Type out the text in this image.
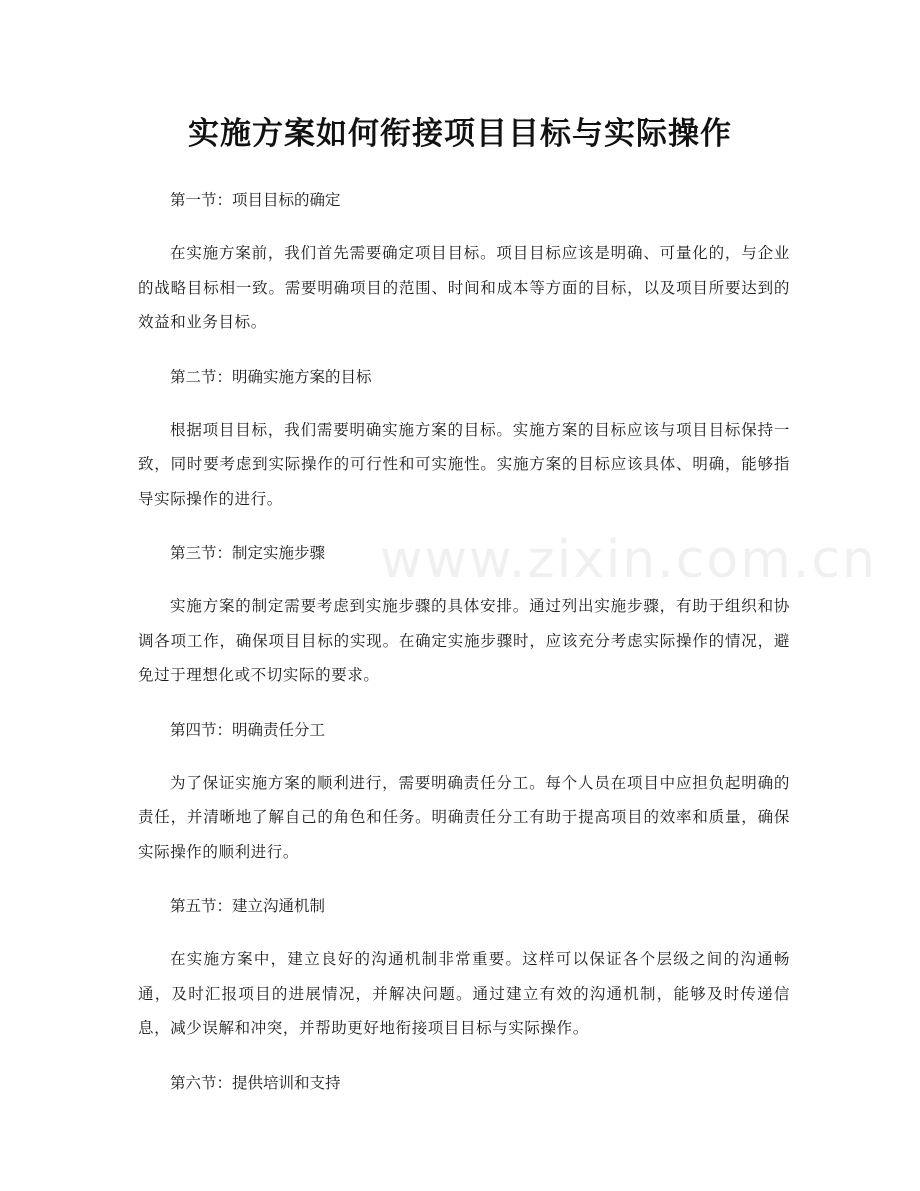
实施方案如何衔接项目目标与实际操作
www.zixin.com.cn

第一节：项目目标的确定

在实施方案前，我们首先需要确定项目目标。项目目标应该是明确、可量化的，与企业的战略目标相一致。需要明确项目的范围、时间和成本等方面的目标，以及项目所要达到的效益和业务目标。

第二节：明确实施方案的目标

根据项目目标，我们需要明确实施方案的目标。实施方案的目标应该与项目目标保持一致，同时要考虑到实际操作的可行性和可实施性。实施方案的目标应该具体、明确，能够指导实际操作的进行。

第三节：制定实施步骤

实施方案的制定需要考虑到实施步骤的具体安排。通过列出实施步骤，有助于组织和协调各项工作，确保项目目标的实现。在确定实施步骤时，应该充分考虑实际操作的情况，避免过于理想化或不切实际的要求。

第四节：明确责任分工

为了保证实施方案的顺利进行，需要明确责任分工。每个人员在项目中应担负起明确的责任，并清晰地了解自己的角色和任务。明确责任分工有助于提高项目的效率和质量，确保实际操作的顺利进行。

第五节：建立沟通机制

在实施方案中，建立良好的沟通机制非常重要。这样可以保证各个层级之间的沟通畅通，及时汇报项目的进展情况，并解决问题。通过建立有效的沟通机制，能够及时传递信息，减少误解和冲突，并帮助更好地衔接项目目标与实际操作。

第六节：提供培训和支持
